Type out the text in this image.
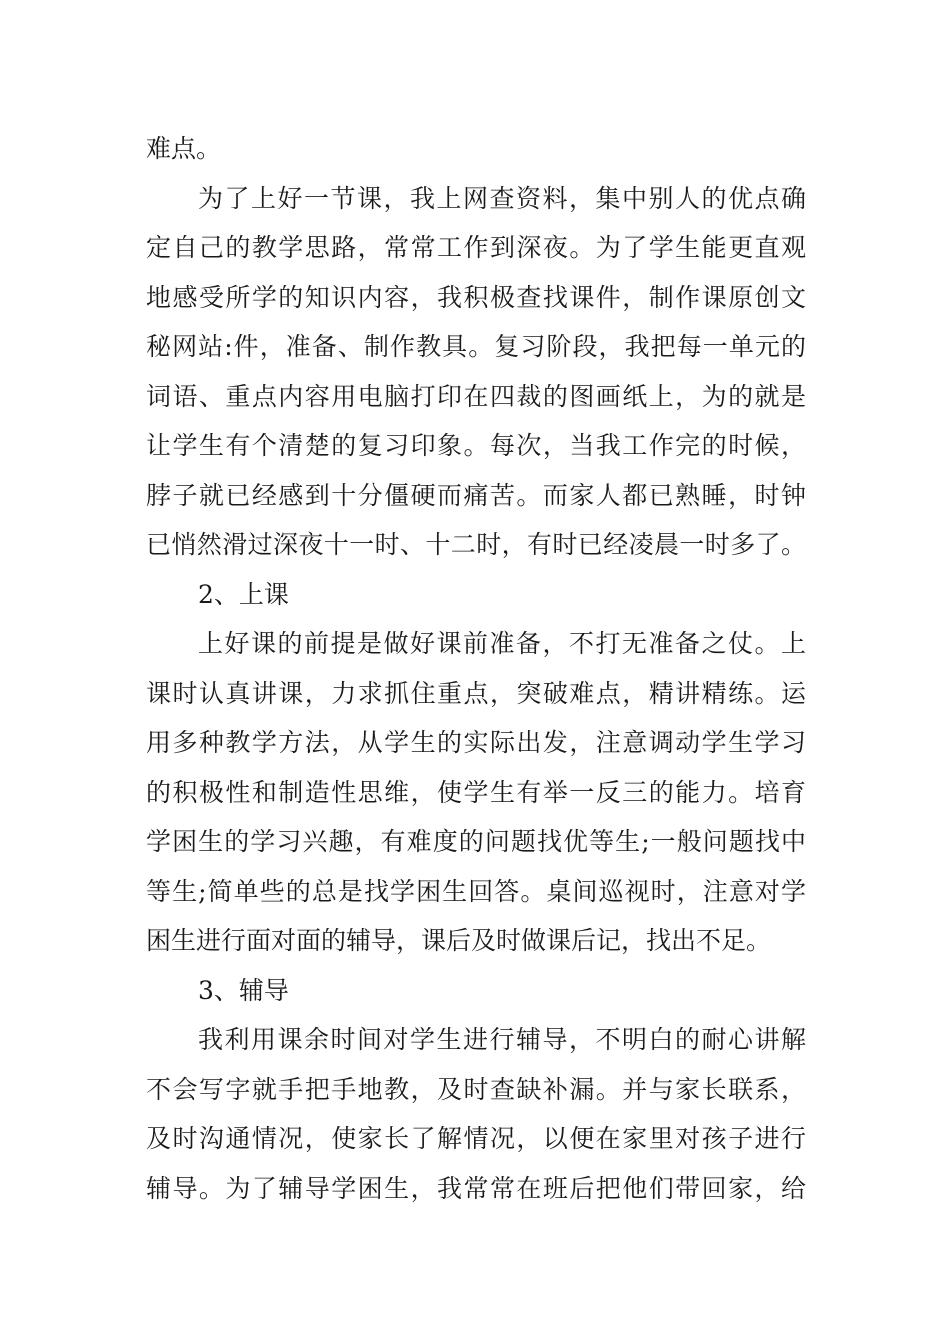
难点。
为了上好一节课，我上网查资料，集中别人的优点确
定自己的教学思路，常常工作到深夜。为了学生能更直观
地感受所学的知识内容，我积极查找课件，制作课原创文
秘网站:件，准备、制作教具。复习阶段，我把每一单元的
词语、重点内容用电脑打印在四裁的图画纸上，为的就是
让学生有个清楚的复习印象。每次，当我工作完的时候，
脖子就已经感到十分僵硬而痛苦。而家人都已熟睡，时钟
已悄然滑过深夜十一时、十二时，有时已经凌晨一时多了。
2、上课
上好课的前提是做好课前准备，不打无准备之仗。上
课时认真讲课，力求抓住重点，突破难点，精讲精练。运
用多种教学方法，从学生的实际出发，注意调动学生学习
的积极性和制造性思维，使学生有举一反三的能力。培育
学困生的学习兴趣，有难度的问题找优等生;一般问题找中
等生;简单些的总是找学困生回答。桌间巡视时，注意对学
困生进行面对面的辅导，课后及时做课后记，找出不足。
3、辅导
我利用课余时间对学生进行辅导，不明白的耐心讲解
不会写字就手把手地教，及时查缺补漏。并与家长联系，
及时沟通情况，使家长了解情况，以便在家里对孩子进行
辅导。为了辅导学困生，我常常在班后把他们带回家，给
